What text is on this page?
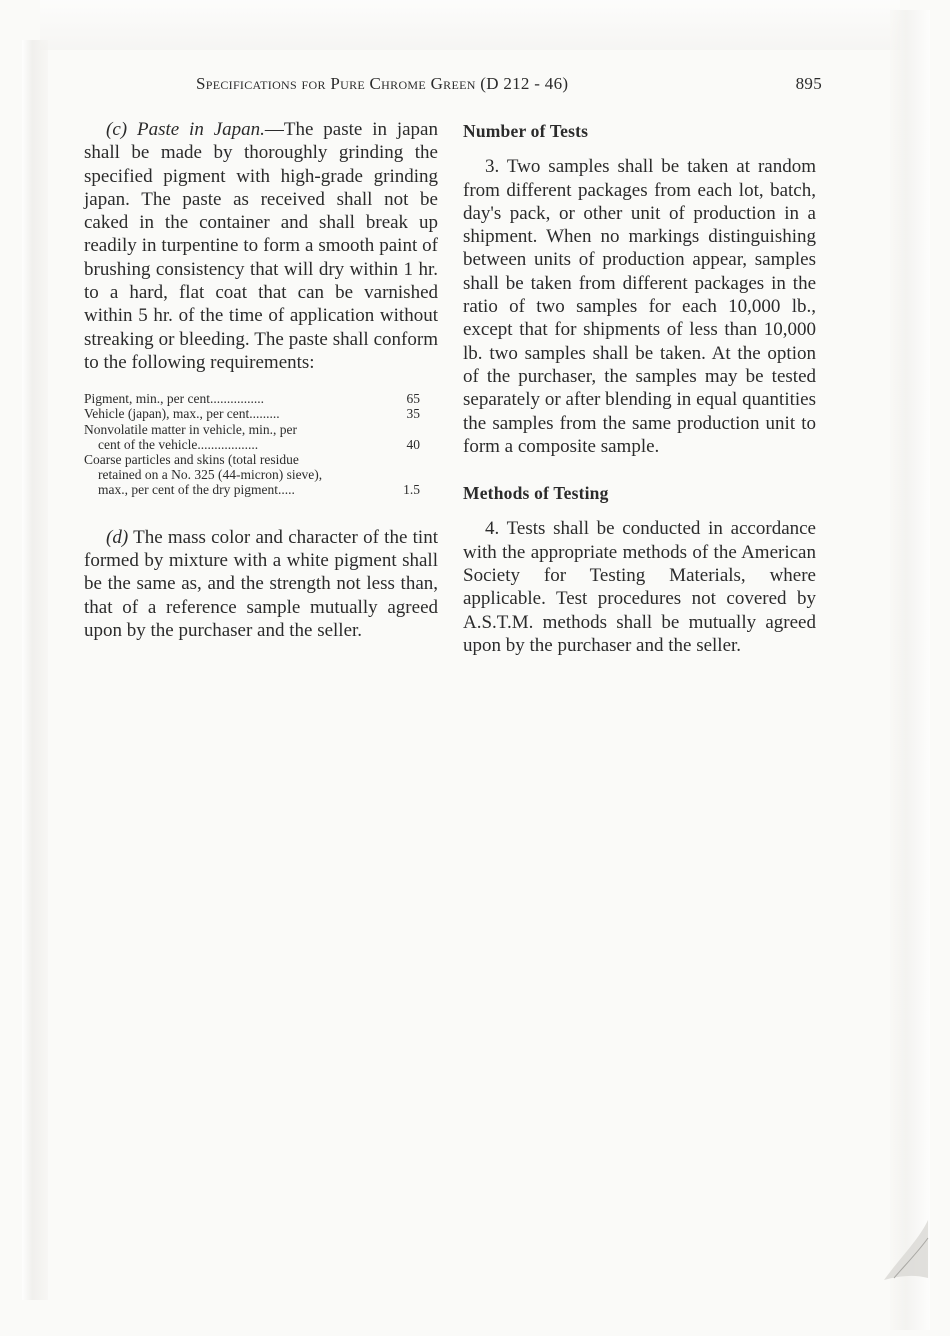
Specifications for Pure Chrome Green (D 212 - 46)	895

(c) Paste in Japan.—The paste in japan shall be made by thoroughly grinding the specified pigment with high-grade grinding japan. The paste as received shall not be caked in the container and shall break up readily in turpentine to form a smooth paint of brushing consistency that will dry within 1 hr. to a hard, flat coat that can be varnished within 5 hr. of the time of application without streaking or bleeding. The paste shall conform to the following requirements:

Pigment, min., per cent................	65
Vehicle (japan), max., per cent.........	35
Nonvolatile matter in vehicle, min., per
cent of the vehicle..................	40
Coarse particles and skins (total residue
retained on a No. 325 (44-micron) sieve),
max., per cent of the dry pigment.....	1.5

(d) The mass color and character of the tint formed by mixture with a white pigment shall be the same as, and the strength not less than, that of a reference sample mutually agreed upon by the purchaser and the seller.

Number of Tests

3. Two samples shall be taken at random from different packages from each lot, batch, day's pack, or other unit of production in a shipment. When no markings distinguishing between units of production appear, samples shall be taken from different packages in the ratio of two samples for each 10,000 lb., except that for shipments of less than 10,000 lb. two samples shall be taken. At the option of the purchaser, the samples may be tested separately or after blending in equal quantities the samples from the same production unit to form a composite sample.

Methods of Testing

4. Tests shall be conducted in accordance with the appropriate methods of the American Society for Testing Materials, where applicable. Test procedures not covered by A.S.T.M. methods shall be mutually agreed upon by the purchaser and the seller.
